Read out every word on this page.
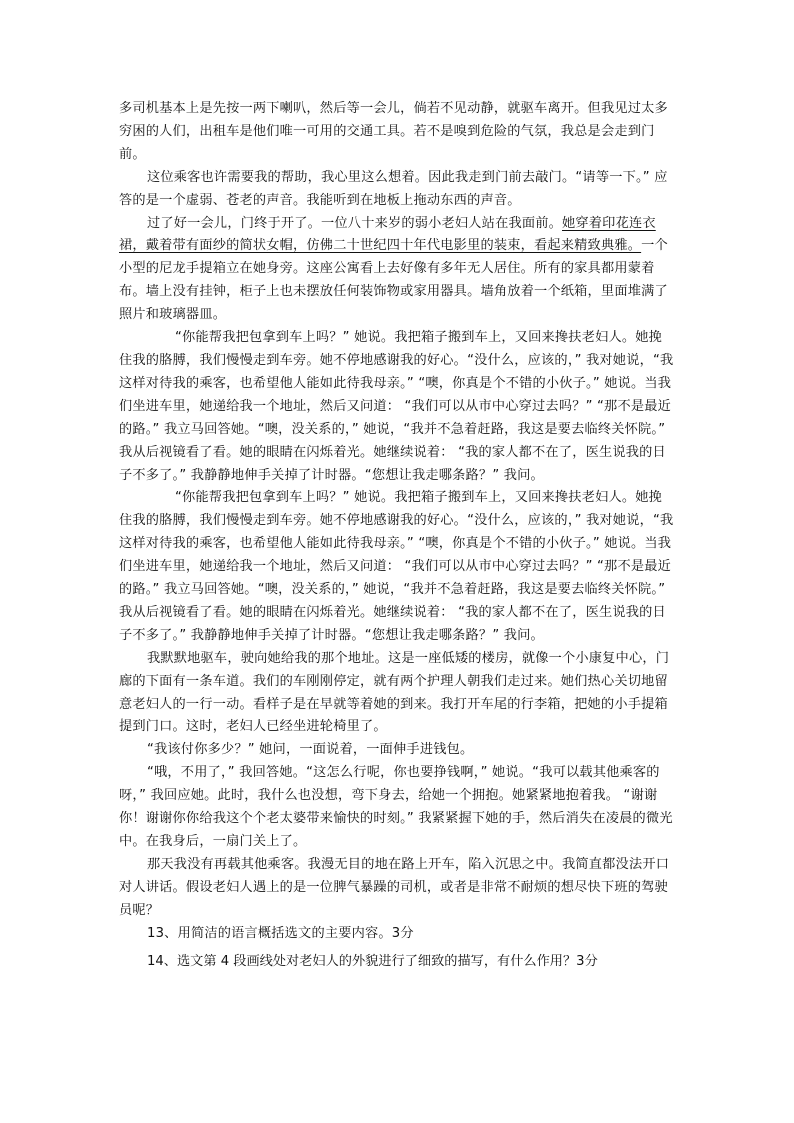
多司机基本上是先按一两下喇叭，然后等一会儿，倘若不见动静，就驱车离开。但我见过太多穷困的人们，出租车是他们唯一可用的交通工具。若不是嗅到危险的气氛，我总是会走到门前。

这位乘客也许需要我的帮助，我心里这么想着。因此我走到门前去敲门。“请等一下。” 应答的是一个虚弱、苍老的声音。我能听到在地板上拖动东西的声音。

过了好一会儿，门终于开了。一位八十来岁的弱小老妇人站在我面前。她穿着印花连衣裙，戴着带有面纱的简状女帽，仿佛二十世纪四十年代电影里的装束，看起来精致典雅。一个小型的尼龙手提箱立在她身旁。这座公寓看上去好像有多年无人居住。所有的家具都用蒙着布。墙上没有挂钟，柜子上也未摆放任何装饰物或家用器具。墙角放着一个纸箱，里面堆满了照片和玻璃器皿。

“你能帮我把包拿到车上吗？” 她说。我把箱子搬到车上，又回来搀扶老妇人。她挽住我的胳膊，我们慢慢走到车旁。她不停地感谢我的好心。“没什么，应该的，” 我对她说，“我这样对待我的乘客，也希望他人能如此待我母亲。” “噢，你真是个不错的小伙子。” 她说。当我们坐进车里，她递给我一个地址，然后又问道： “我们可以从市中心穿过去吗？” “那不是最近的路。” 我立马回答她。“噢，没关系的，” 她说，“我并不急着赶路，我这是要去临终关怀院。” 我从后视镜看了看。她的眼睛在闪烁着光。她继续说着： “我的家人都不在了，医生说我的日子不多了。” 我静静地伸手关掉了计时器。“您想让我走哪条路？” 我问。

“你能帮我把包拿到车上吗？” 她说。我把箱子搬到车上，又回来搀扶老妇人。她挽住我的胳膊，我们慢慢走到车旁。她不停地感谢我的好心。“没什么，应该的，” 我对她说，“我这样对待我的乘客，也希望他人能如此待我母亲。” “噢，你真是个不错的小伙子。” 她说。当我们坐进车里，她递给我一个地址，然后又问道： “我们可以从市中心穿过去吗？” “那不是最近的路。” 我立马回答她。“噢，没关系的，” 她说，“我并不急着赶路，我这是要去临终关怀院。” 我从后视镜看了看。她的眼睛在闪烁着光。她继续说着： “我的家人都不在了，医生说我的日子不多了。” 我静静地伸手关掉了计时器。“您想让我走哪条路？” 我问。

我默默地驱车，驶向她给我的那个地址。这是一座低矮的楼房，就像一个小康复中心，门廊的下面有一条车道。我们的车刚刚停定，就有两个护理人朝我们走过来。她们热心关切地留意老妇人的一行一动。看样子是在早就等着她的到来。我打开车尾的行李箱，把她的小手提箱提到门口。这时，老妇人已经坐进轮椅里了。

“我该付你多少？” 她问，一面说着，一面伸手进钱包。

“哦，不用了，” 我回答她。“这怎么行呢，你也要挣钱啊，” 她说。“我可以载其他乘客的呀，” 我回应她。此时，我什么也没想，弯下身去，给她一个拥抱。她紧紧地抱着我。 “谢谢你！谢谢你你给我这个个老太婆带来愉快的时刻。” 我紧紧握下她的手，然后消失在凌晨的微光中。在我身后，一扇门关上了。

那天我没有再载其他乘客。我漫无目的地在路上开车，陷入沉思之中。我简直都没法开口对人讲话。假设老妇人遇上的是一位脾气暴躁的司机，或者是非常不耐烦的想尽快下班的驾驶员呢？

13、用简洁的语言概括选文的主要内容。3分

14、选文第 4 段画线处对老妇人的外貌进行了细致的描写，有什么作用？3分
